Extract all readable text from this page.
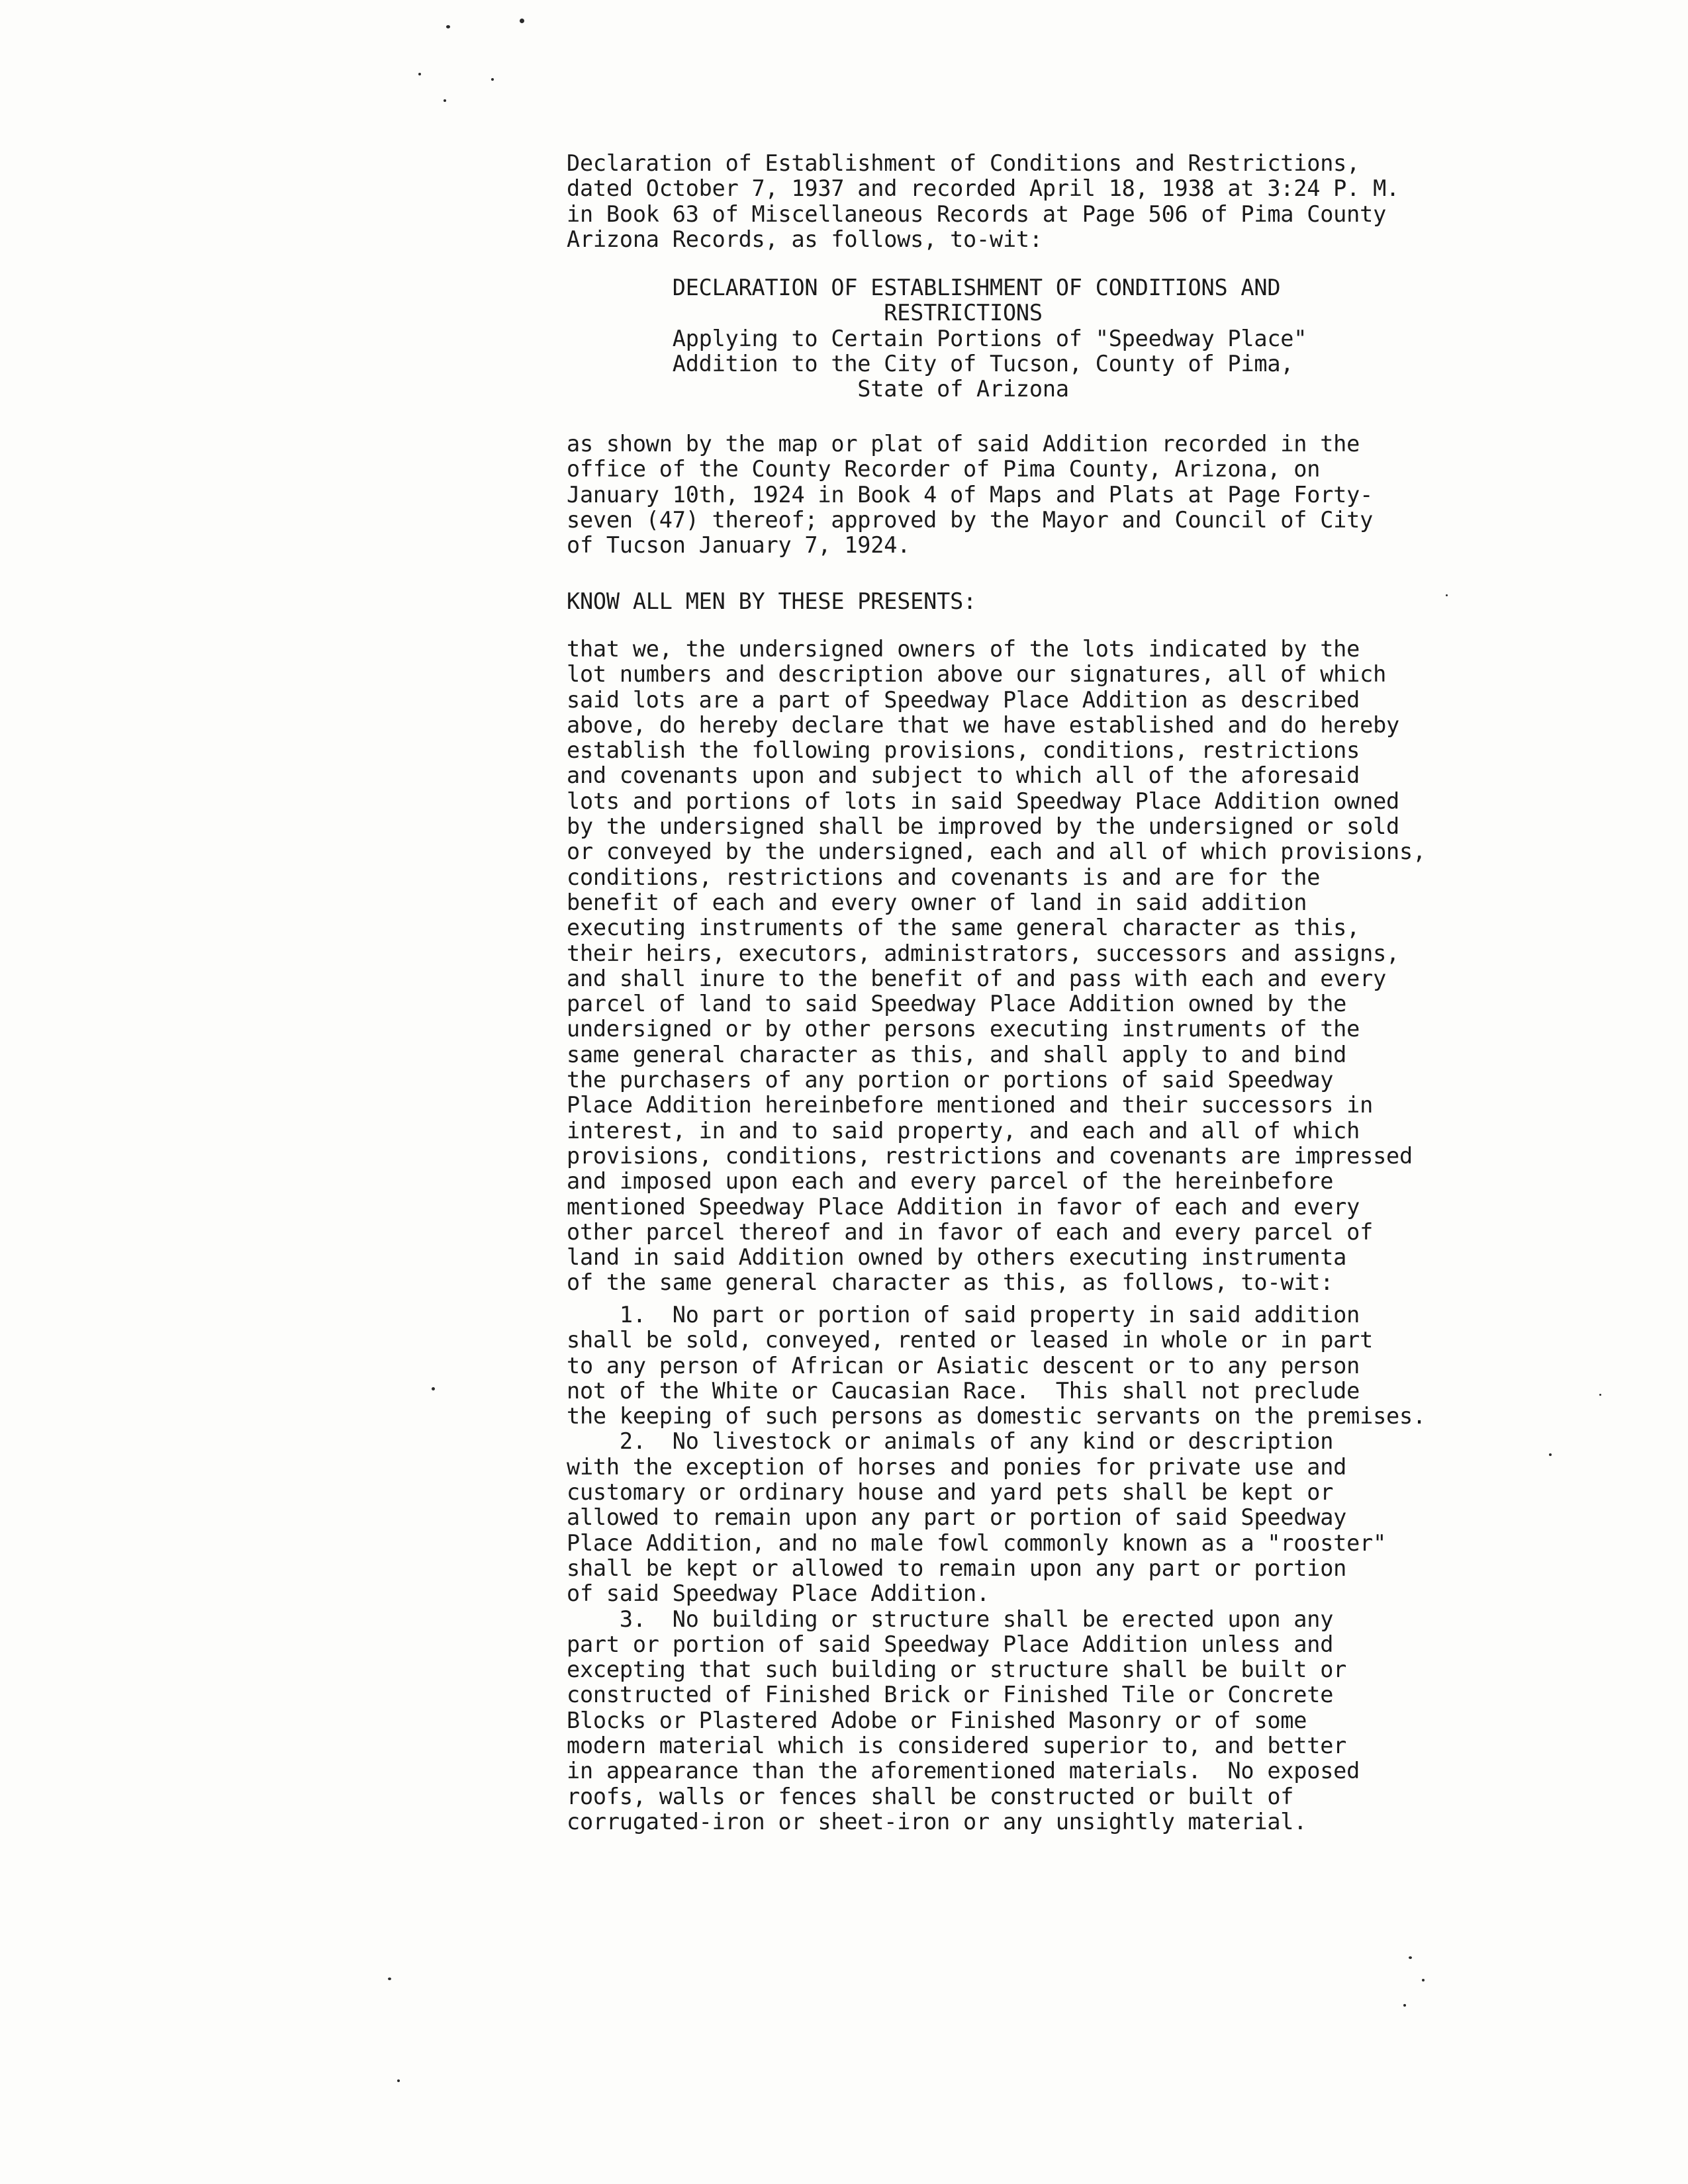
Declaration of Establishment of Conditions and Restrictions,
dated October 7, 1937 and recorded April 18, 1938 at 3:24 P. M.
in Book 63 of Miscellaneous Records at Page 506 of Pima County
Arizona Records, as follows, to-wit:
DECLARATION OF ESTABLISHMENT OF CONDITIONS AND
RESTRICTIONS
Applying to Certain Portions of "Speedway Place"
Addition to the City of Tucson, County of Pima,
State of Arizona
as shown by the map or plat of said Addition recorded in the
office of the County Recorder of Pima County, Arizona, on
January 10th, 1924 in Book 4 of Maps and Plats at Page Forty-
seven (47) thereof; approved by the Mayor and Council of City
of Tucson January 7, 1924.
KNOW ALL MEN BY THESE PRESENTS:
that we, the undersigned owners of the lots indicated by the
lot numbers and description above our signatures, all of which
said lots are a part of Speedway Place Addition as described
above, do hereby declare that we have established and do hereby
establish the following provisions, conditions, restrictions
and covenants upon and subject to which all of the aforesaid
lots and portions of lots in said Speedway Place Addition owned
by the undersigned shall be improved by the undersigned or sold
or conveyed by the undersigned, each and all of which provisions,
conditions, restrictions and covenants is and are for the
benefit of each and every owner of land in said addition
executing instruments of the same general character as this,
their heirs, executors, administrators, successors and assigns,
and shall inure to the benefit of and pass with each and every
parcel of land to said Speedway Place Addition owned by the
undersigned or by other persons executing instruments of the
same general character as this, and shall apply to and bind
the purchasers of any portion or portions of said Speedway
Place Addition hereinbefore mentioned and their successors in
interest, in and to said property, and each and all of which
provisions, conditions, restrictions and covenants are impressed
and imposed upon each and every parcel of the hereinbefore
mentioned Speedway Place Addition in favor of each and every
other parcel thereof and in favor of each and every parcel of
land in said Addition owned by others executing instrumenta
of the same general character as this, as follows, to-wit:
1.  No part or portion of said property in said addition
shall be sold, conveyed, rented or leased in whole or in part
to any person of African or Asiatic descent or to any person
not of the White or Caucasian Race.  This shall not preclude
the keeping of such persons as domestic servants on the premises.
2.  No livestock or animals of any kind or description
with the exception of horses and ponies for private use and
customary or ordinary house and yard pets shall be kept or
allowed to remain upon any part or portion of said Speedway
Place Addition, and no male fowl commonly known as a "rooster"
shall be kept or allowed to remain upon any part or portion
of said Speedway Place Addition.
3.  No building or structure shall be erected upon any
part or portion of said Speedway Place Addition unless and
excepting that such building or structure shall be built or
constructed of Finished Brick or Finished Tile or Concrete
Blocks or Plastered Adobe or Finished Masonry or of some
modern material which is considered superior to, and better
in appearance than the aforementioned materials.  No exposed
roofs, walls or fences shall be constructed or built of
corrugated-iron or sheet-iron or any unsightly material.
